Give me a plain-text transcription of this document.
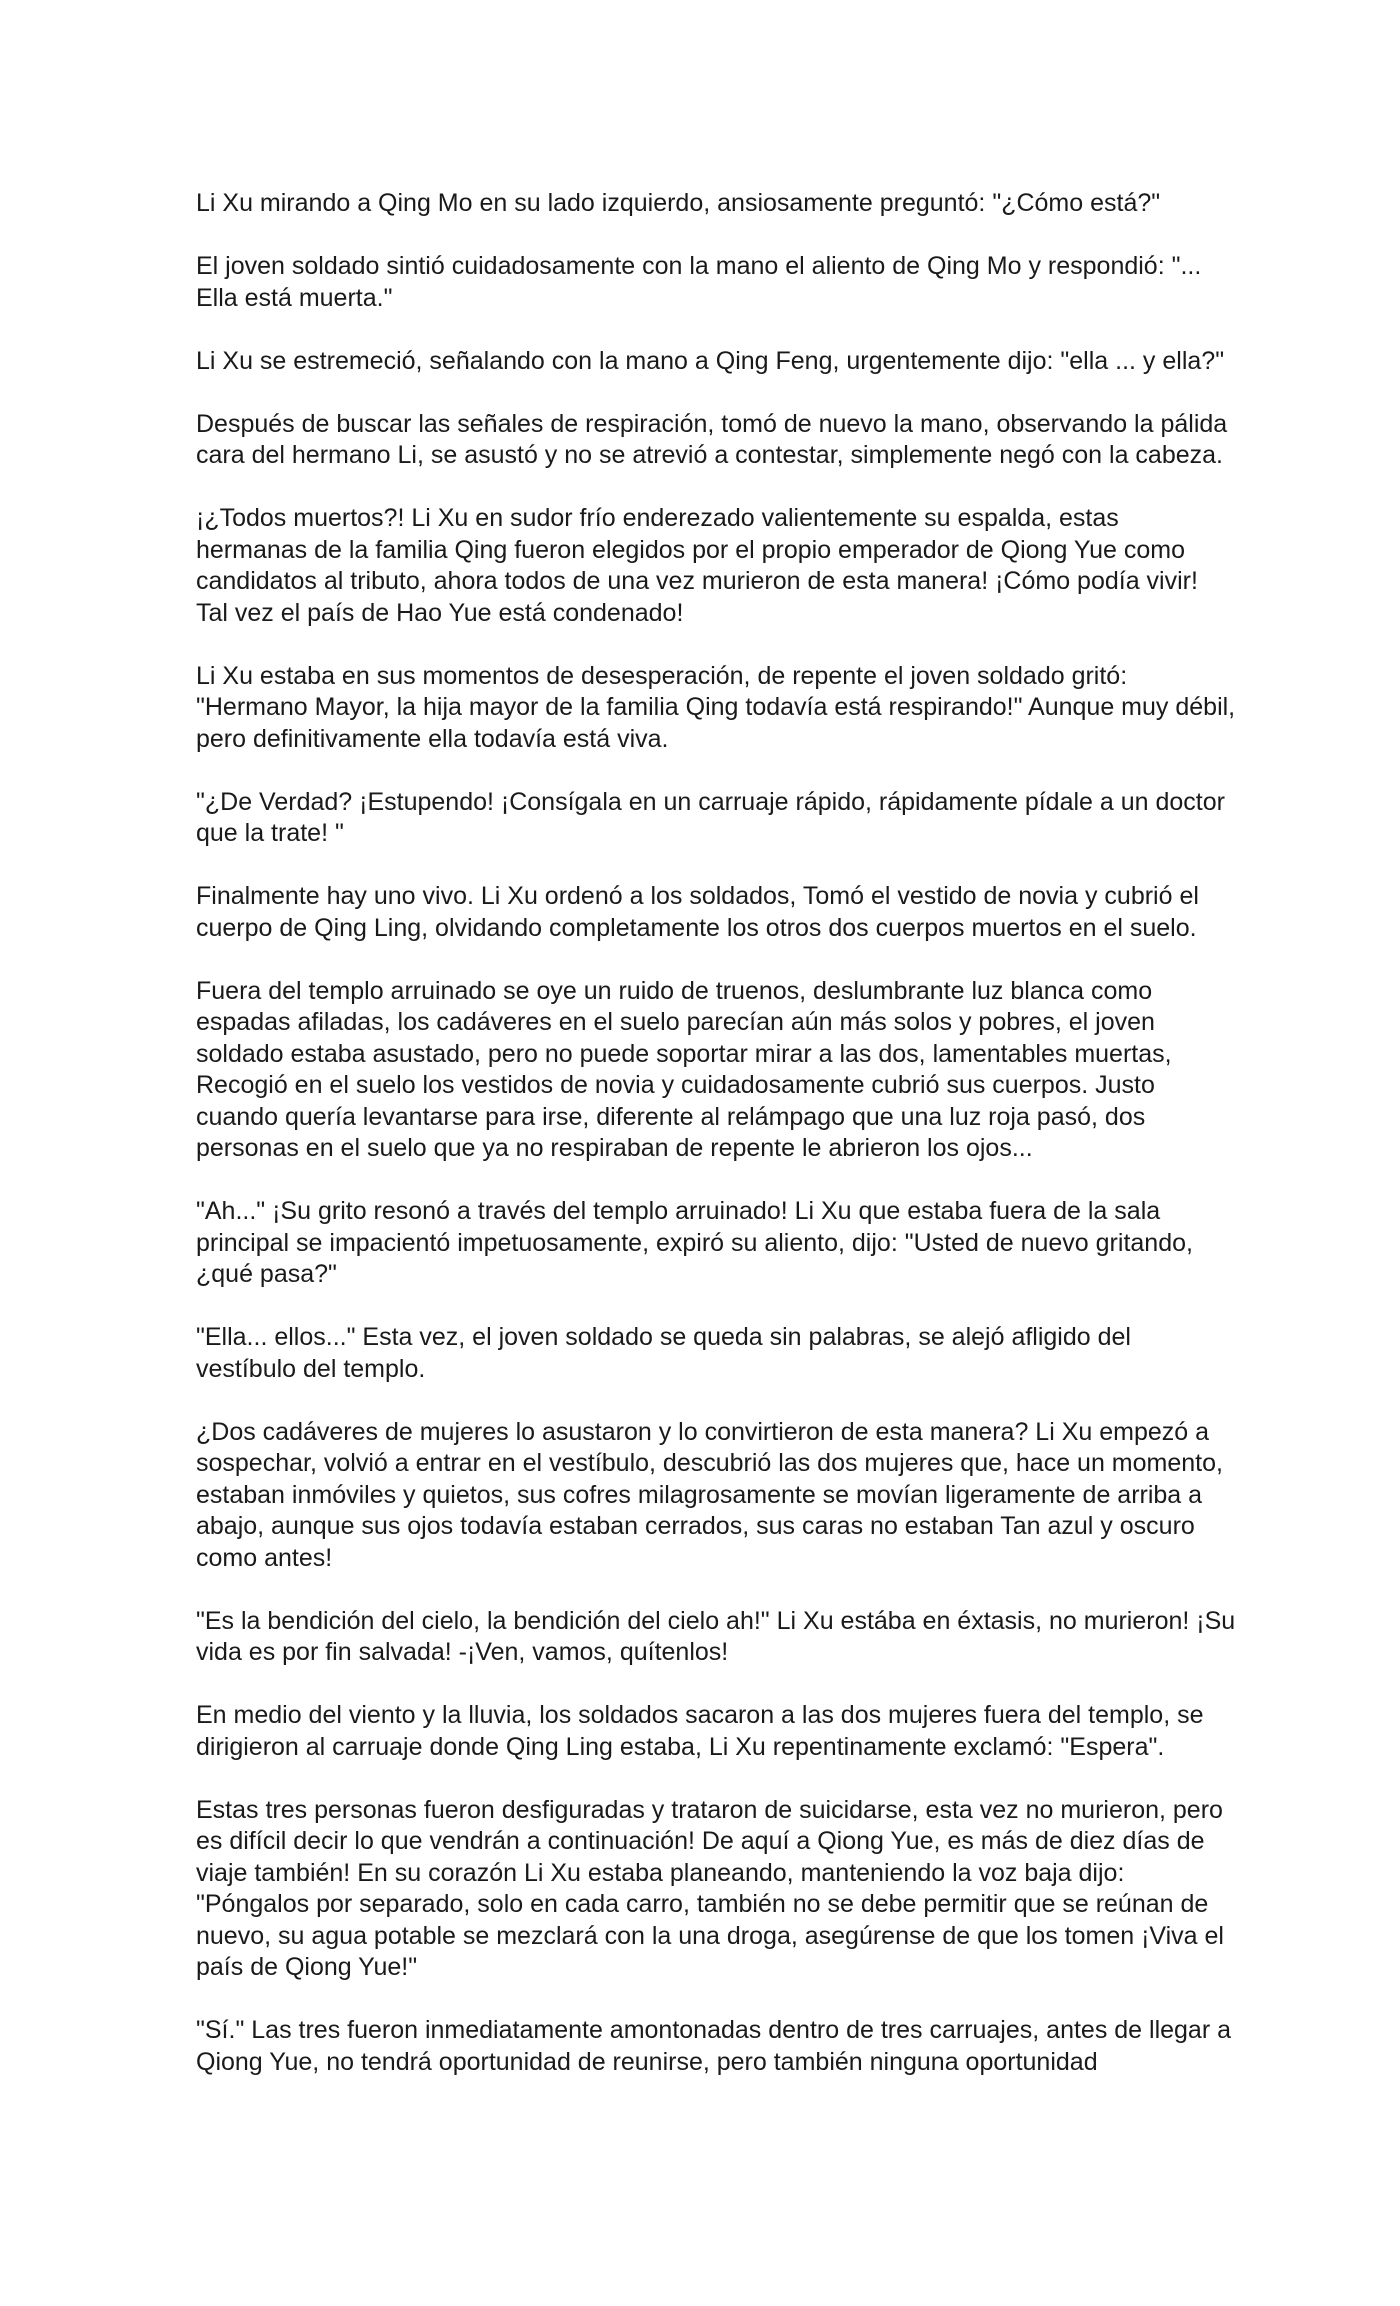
Li Xu mirando a Qing Mo en su lado izquierdo, ansiosamente preguntó: "¿Cómo está?"

El joven soldado sintió cuidadosamente con la mano el aliento de Qing Mo y respondió: "... Ella está muerta."

Li Xu se estremeció, señalando con la mano a Qing Feng, urgentemente dijo: "ella ... y ella?"

Después de buscar las señales de respiración, tomó de nuevo la mano, observando la pálida cara del hermano Li, se asustó y no se atrevió a contestar, simplemente negó con la cabeza.

¡¿Todos muertos?! Li Xu en sudor frío enderezado valientemente su espalda, estas hermanas de la familia Qing fueron elegidos por el propio emperador de Qiong Yue como candidatos al tributo, ahora todos de una vez murieron de esta manera! ¡Cómo podía vivir! Tal vez el país de Hao Yue está condenado!

Li Xu estaba en sus momentos de desesperación, de repente el joven soldado gritó: "Hermano Mayor, la hija mayor de la familia Qing todavía está respirando!" Aunque muy débil, pero definitivamente ella todavía está viva.

"¿De Verdad? ¡Estupendo! ¡Consígala en un carruaje rápido, rápidamente pídale a un doctor que la trate! "

Finalmente hay uno vivo. Li Xu ordenó a los soldados, Tomó el vestido de novia y cubrió el cuerpo de Qing Ling, olvidando completamente los otros dos cuerpos muertos en el suelo.

Fuera del templo arruinado se oye un ruido de truenos, deslumbrante luz blanca como espadas afiladas, los cadáveres en el suelo parecían aún más solos y pobres, el joven soldado estaba asustado, pero no puede soportar mirar a las dos, lamentables muertas, Recogió en el suelo los vestidos de novia y cuidadosamente cubrió sus cuerpos. Justo cuando quería levantarse para irse, diferente al relámpago que una luz roja pasó, dos personas en el suelo que ya no respiraban de repente le abrieron los ojos...

"Ah..." ¡Su grito resonó a través del templo arruinado! Li Xu que estaba fuera de la sala principal se impacientó impetuosamente, expiró su aliento, dijo: "Usted de nuevo gritando, ¿qué pasa?"

"Ella... ellos..." Esta vez, el joven soldado se queda sin palabras, se alejó afligido del vestíbulo del templo.

¿Dos cadáveres de mujeres lo asustaron y lo convirtieron de esta manera? Li Xu empezó a sospechar, volvió a entrar en el vestíbulo, descubrió las dos mujeres que, hace un momento, estaban inmóviles y quietos, sus cofres milagrosamente se movían ligeramente de arriba a abajo, aunque sus ojos todavía estaban cerrados, sus caras no estaban Tan azul y oscuro como antes!

"Es la bendición del cielo, la bendición del cielo ah!" Li Xu estába en éxtasis, no murieron! ¡Su vida es por fin salvada! -¡Ven, vamos, quítenlos!

En medio del viento y la lluvia, los soldados sacaron a las dos mujeres fuera del templo, se dirigieron al carruaje donde Qing Ling estaba, Li Xu repentinamente exclamó: "Espera".

Estas tres personas fueron desfiguradas y trataron de suicidarse, esta vez no murieron, pero es difícil decir lo que vendrán a continuación! De aquí a Qiong Yue, es más de diez días de viaje también! En su corazón Li Xu estaba planeando, manteniendo la voz baja dijo: "Póngalos por separado, solo en cada carro, también no se debe permitir que se reúnan de nuevo, su agua potable se mezclará con la una droga, asegúrense de que los tomen ¡Viva el país de Qiong Yue!"

"Sí." Las tres fueron inmediatamente amontonadas dentro de tres carruajes, antes de llegar a Qiong Yue, no tendrá oportunidad de reunirse, pero también ninguna oportunidad
